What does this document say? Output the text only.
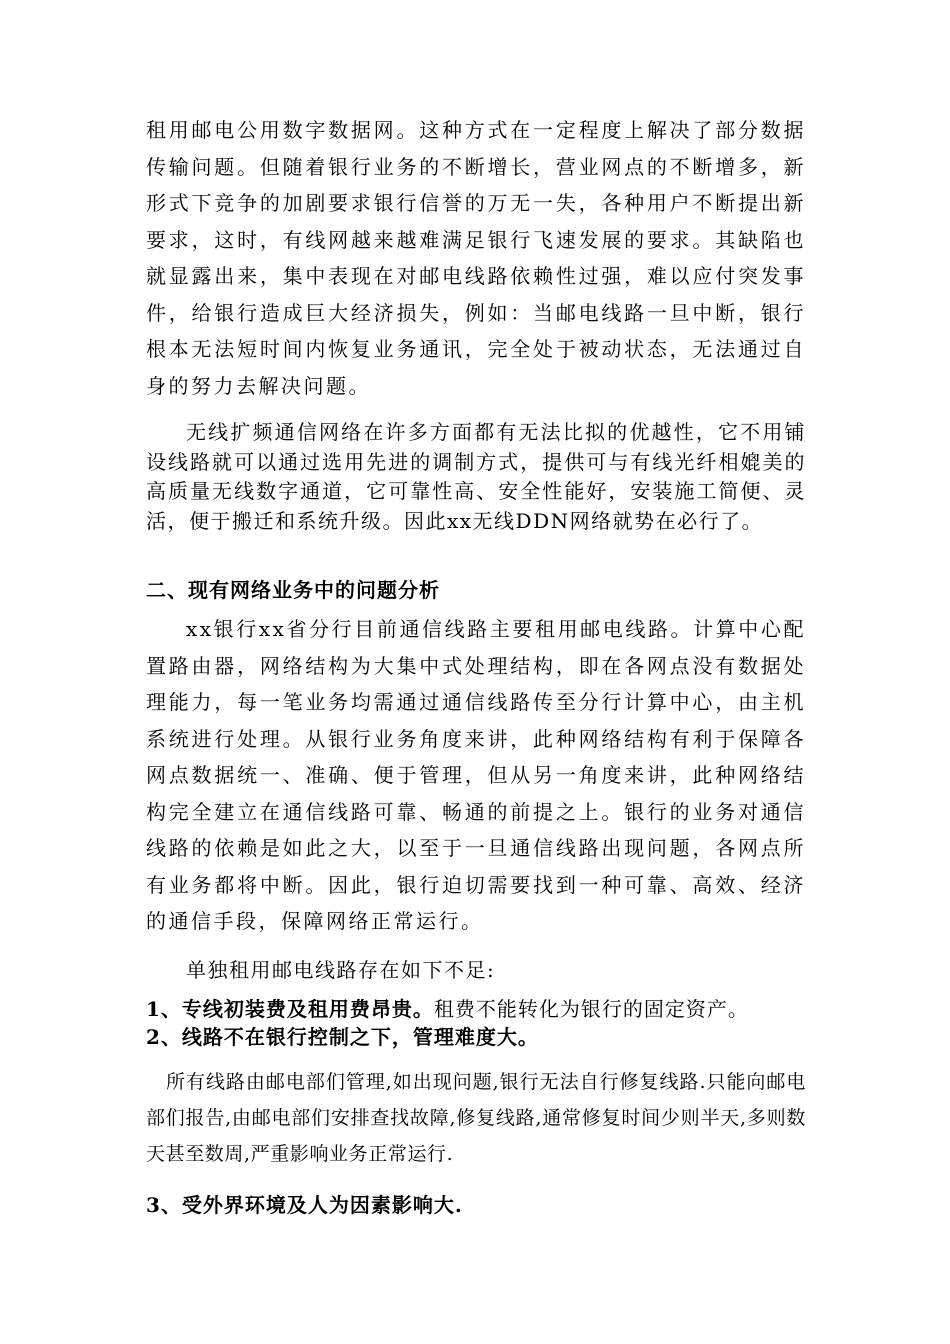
租用邮电公用数字数据网。这种方式在一定程度上解决了部分数据传输问题。但随着银行业务的不断增长，营业网点的不断增多，新形式下竞争的加剧要求银行信誉的万无一失，各种用户不断提出新要求，这时，有线网越来越难满足银行飞速发展的要求。其缺陷也就显露出来，集中表现在对邮电线路依赖性过强，难以应付突发事件，给银行造成巨大经济损失，例如：当邮电线路一旦中断，银行根本无法短时间内恢复业务通讯，完全处于被动状态，无法通过自身的努力去解决问题。

无线扩频通信网络在许多方面都有无法比拟的优越性，它不用铺设线路就可以通过选用先进的调制方式，提供可与有线光纤相媲美的高质量无线数字通道，它可靠性高、安全性能好，安装施工简便、灵活，便于搬迁和系统升级。因此xx无线DDN网络就势在必行了。

二、现有网络业务中的问题分析

xx银行xx省分行目前通信线路主要租用邮电线路。计算中心配置路由器，网络结构为大集中式处理结构，即在各网点没有数据处理能力，每一笔业务均需通过通信线路传至分行计算中心，由主机系统进行处理。从银行业务角度来讲，此种网络结构有利于保障各网点数据统一、准确、便于管理，但从另一角度来讲，此种网络结构完全建立在通信线路可靠、畅通的前提之上。银行的业务对通信线路的依赖是如此之大，以至于一旦通信线路出现问题，各网点所有业务都将中断。因此，银行迫切需要找到一种可靠、高效、经济的通信手段，保障网络正常运行。

单独租用邮电线路存在如下不足:

1、专线初装费及租用费昂贵。租费不能转化为银行的固定资产。
2、线路不在银行控制之下，管理难度大。

所有线路由邮电部们管理,如出现问题,银行无法自行修复线路.只能向邮电部们报告,由邮电部们安排查找故障,修复线路,通常修复时间少则半天,多则数天甚至数周,严重影响业务正常运行.

3、受外界环境及人为因素影响大.
